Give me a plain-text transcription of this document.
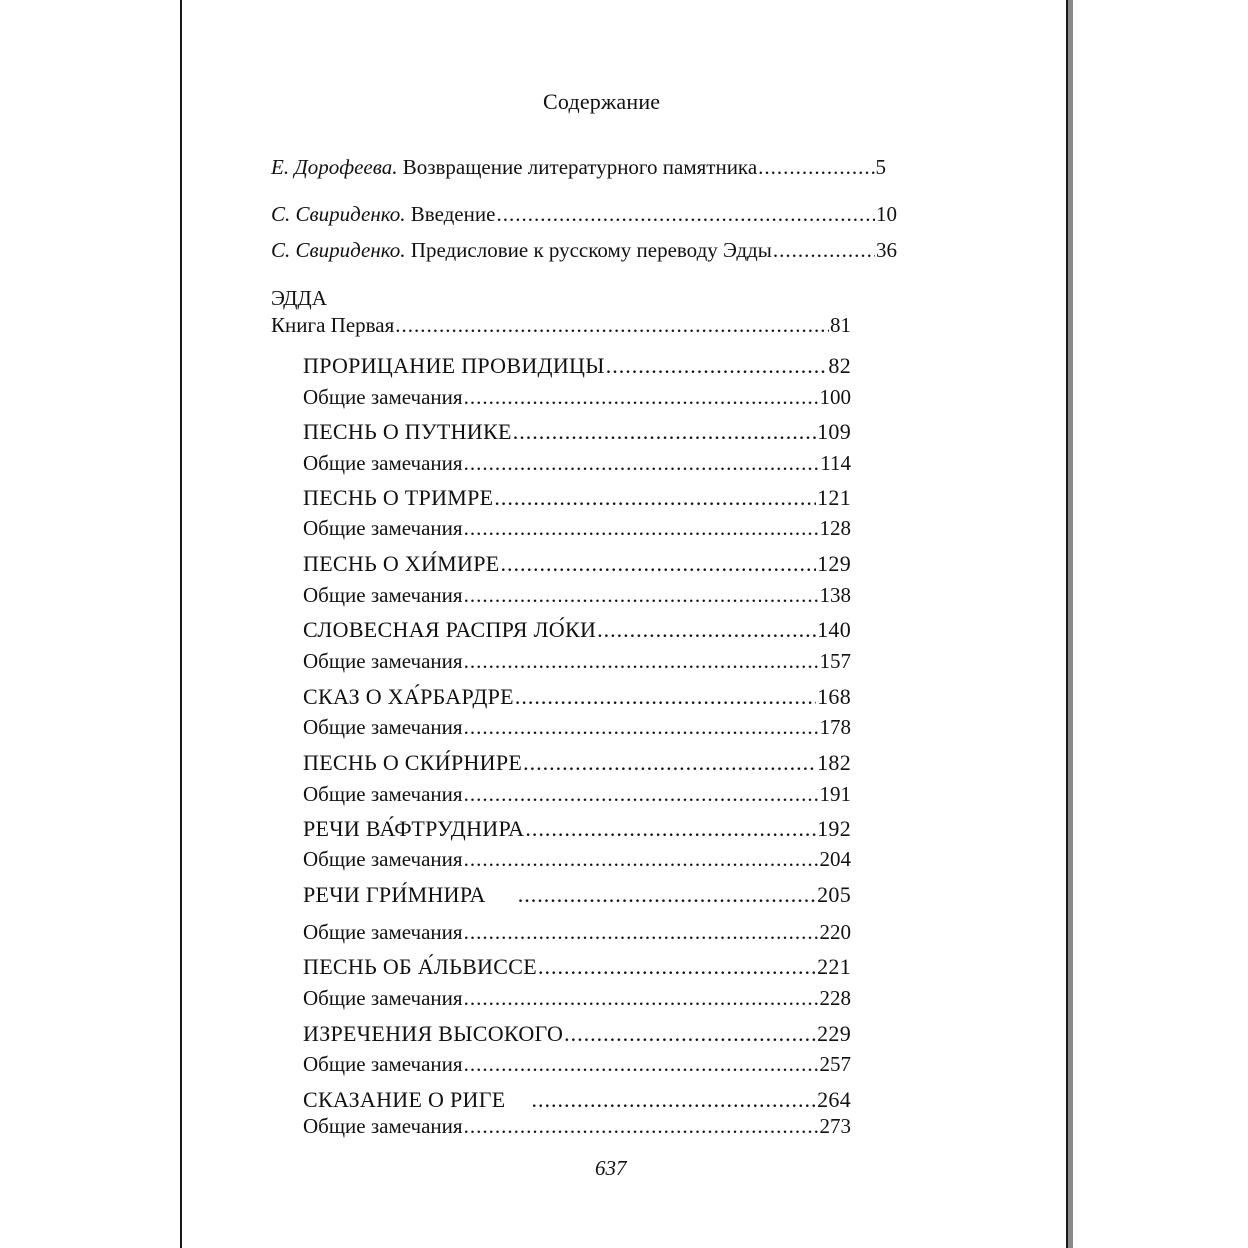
Содержание
Е. Дорофеева. Возвращение литературного памятника .....	5
С. Свириденко. Введение .....	10
С. Свириденко. Предисловие к русскому переводу Эдды .....	36
ЭДДА
Книга Первая .....	81
ПРОРИЦАНИЕ ПРОВИДИЦЫ .....	82
Общие замечания .....	100
ПЕСНЬ О ПУТНИКЕ .....	109
Общие замечания .....	114
ПЕСНЬ О ТРИМРЕ .....	121
Общие замечания .....	128
ПЕСНЬ О ХИ́МИРЕ .....	129
Общие замечания .....	138
СЛОВЕСНАЯ РАСПРЯ ЛО́КИ .....	140
Общие замечания .....	157
СКАЗ О ХА́РБАРДРЕ .....	168
Общие замечания .....	178
ПЕСНЬ О СКИ́РНИРЕ .....	182
Общие замечания .....	191
РЕЧИ ВА́ФТРУДНИРА .....	192
Общие замечания .....	204
РЕЧИ ГРИ́МНИРА .....	205
Общие замечания .....	220
ПЕСНЬ ОБ А́ЛЬВИССЕ .....	221
Общие замечания .....	228
ИЗРЕЧЕНИЯ ВЫСОКОГО .....	229
Общие замечания .....	257
СКАЗАНИЕ О РИГЕ .....	264
Общие замечания .....	273
637
